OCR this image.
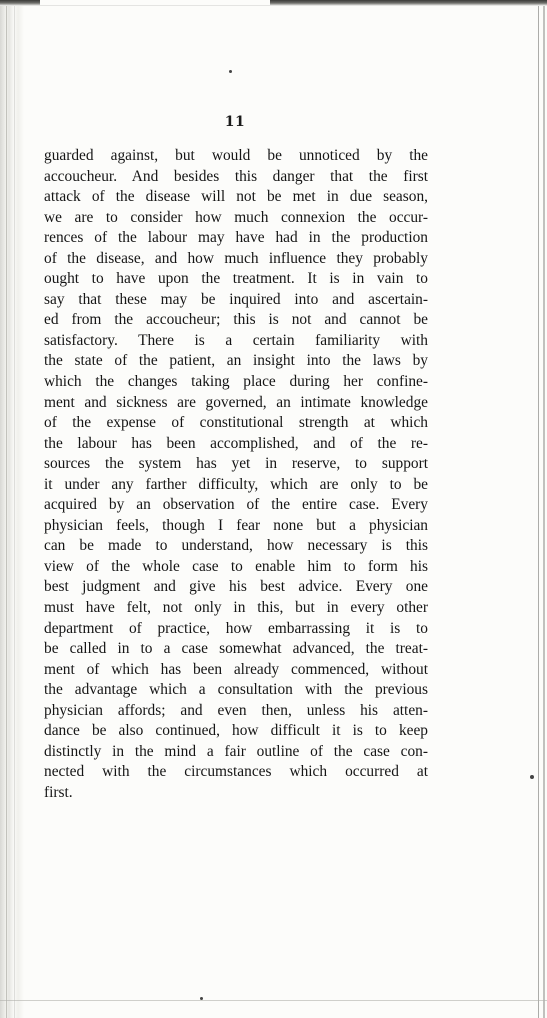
11

guarded against, but would be unnoticed by the
accoucheur. And besides this danger that the first
attack of the disease will not be met in due season,
we are to consider how much connexion the occur-
rences of the labour may have had in the production
of the disease, and how much influence they probably
ought to have upon the treatment. It is in vain to
say that these may be inquired into and ascertain-
ed from the accoucheur; this is not and cannot be
satisfactory. There is a certain familiarity with
the state of the patient, an insight into the laws by
which the changes taking place during her confine-
ment and sickness are governed, an intimate knowledge
of the expense of constitutional strength at which
the labour has been accomplished, and of the re-
sources the system has yet in reserve, to support
it under any farther difficulty, which are only to be
acquired by an observation of the entire case. Every
physician feels, though I fear none but a physician
can be made to understand, how necessary is this
view of the whole case to enable him to form his
best judgment and give his best advice. Every one
must have felt, not only in this, but in every other
department of practice, how embarrassing it is to
be called in to a case somewhat advanced, the treat-
ment of which has been already commenced, without
the advantage which a consultation with the previous
physician affords; and even then, unless his atten-
dance be also continued, how difficult it is to keep
distinctly in the mind a fair outline of the case con-
nected with the circumstances which occurred at
first.
